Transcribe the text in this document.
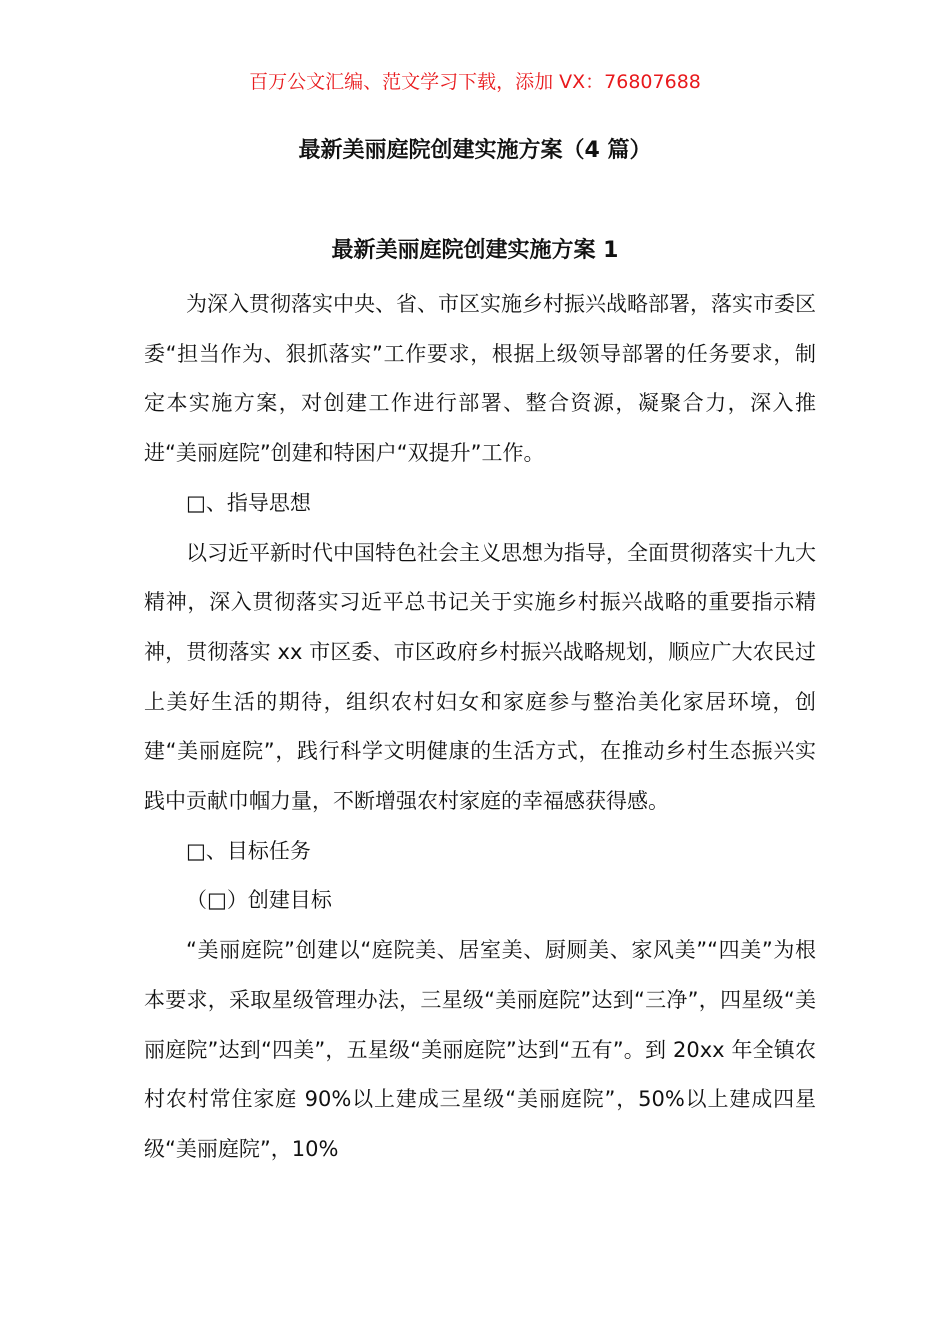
百万公文汇编、范文学习下载，添加 VX：76807688
最新美丽庭院创建实施方案（4 篇）
最新美丽庭院创建实施方案 1

为深入贯彻落实中央、省、市区实施乡村振兴战略部署，落实市委区委“担当作为、狠抓落实”工作要求，根据上级领导部署的任务要求，制定本实施方案，对创建工作进行部署、整合资源，凝聚合力，深入推进“美丽庭院”创建和特困户“双提升”工作。

□、指导思想

以习近平新时代中国特色社会主义思想为指导，全面贯彻落实十九大精神，深入贯彻落实习近平总书记关于实施乡村振兴战略的重要指示精神，贯彻落实 xx 市区委、市区政府乡村振兴战略规划，顺应广大农民过上美好生活的期待，组织农村妇女和家庭参与整治美化家居环境，创建“美丽庭院”，践行科学文明健康的生活方式，在推动乡村生态振兴实践中贡献巾帼力量，不断增强农村家庭的幸福感获得感。

□、目标任务

（□）创建目标

“美丽庭院”创建以“庭院美、居室美、厨厕美、家风美”“四美”为根本要求，采取星级管理办法，三星级“美丽庭院”达到“三净”，四星级“美丽庭院”达到“四美”，五星级“美丽庭院”达到“五有”。到 20xx 年全镇农村农村常住家庭 90%以上建成三星级“美丽庭院”，50%以上建成四星级“美丽庭院”，10%
